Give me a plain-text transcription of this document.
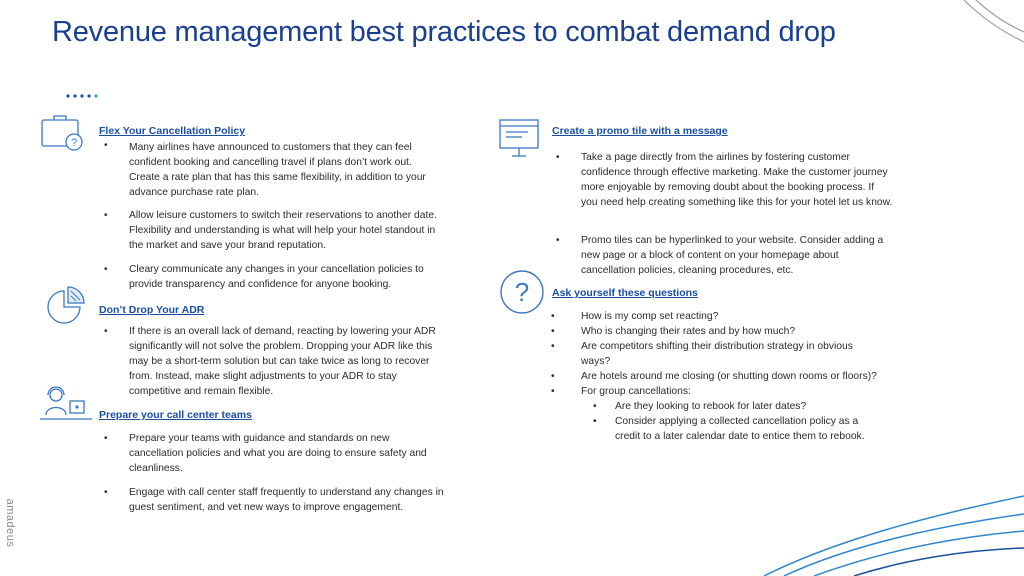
Revenue management best practices to combat demand drop
amadeus
?
Flex Your Cancellation Policy
• Many airlines have announced to customers that they can feel confident booking and cancelling travel if plans don’t work out. Create a rate plan that has this same flexibility, in addition to your advance purchase rate plan.
• Allow leisure customers to switch their reservations to another date. Flexibility and understanding is what will help your hotel standout in the market and save your brand reputation.
• Cleary communicate any changes in your cancellation policies to provide transparency and confidence for anyone booking.
Don’t Drop Your ADR
• If there is an overall lack of demand, reacting by lowering your ADR significantly will not solve the problem. Dropping your ADR like this may be a short-term solution but can take twice as long to recover from. Instead, make slight adjustments to your ADR to stay competitive and remain flexible.
Prepare your call center teams
• Prepare your teams with guidance and standards on new cancellation policies and what you are doing to ensure safety and cleanliness.
• Engage with call center staff frequently to understand any changes in guest sentiment, and vet new ways to improve engagement.
Create a promo tile with a message
• Take a page directly from the airlines by fostering customer confidence through effective marketing. Make the customer journey more enjoyable by removing doubt about the booking process. If you need help creating something like this for your hotel let us know.
• Promo tiles can be hyperlinked to your website. Consider adding a new page or a block of content on your homepage about cancellation policies, cleaning procedures, etc.
? Ask yourself these questions
•	How is my comp set reacting?
•	Who is changing their rates and by how much?
•	Are competitors shifting their distribution strategy in obvious ways?
•	Are hotels around me closing (or shutting down rooms or floors)?
•	For group cancellations:
• Are they looking to rebook for later dates?
• Consider applying a collected cancellation policy as a credit to a later calendar date to entice them to rebook.
